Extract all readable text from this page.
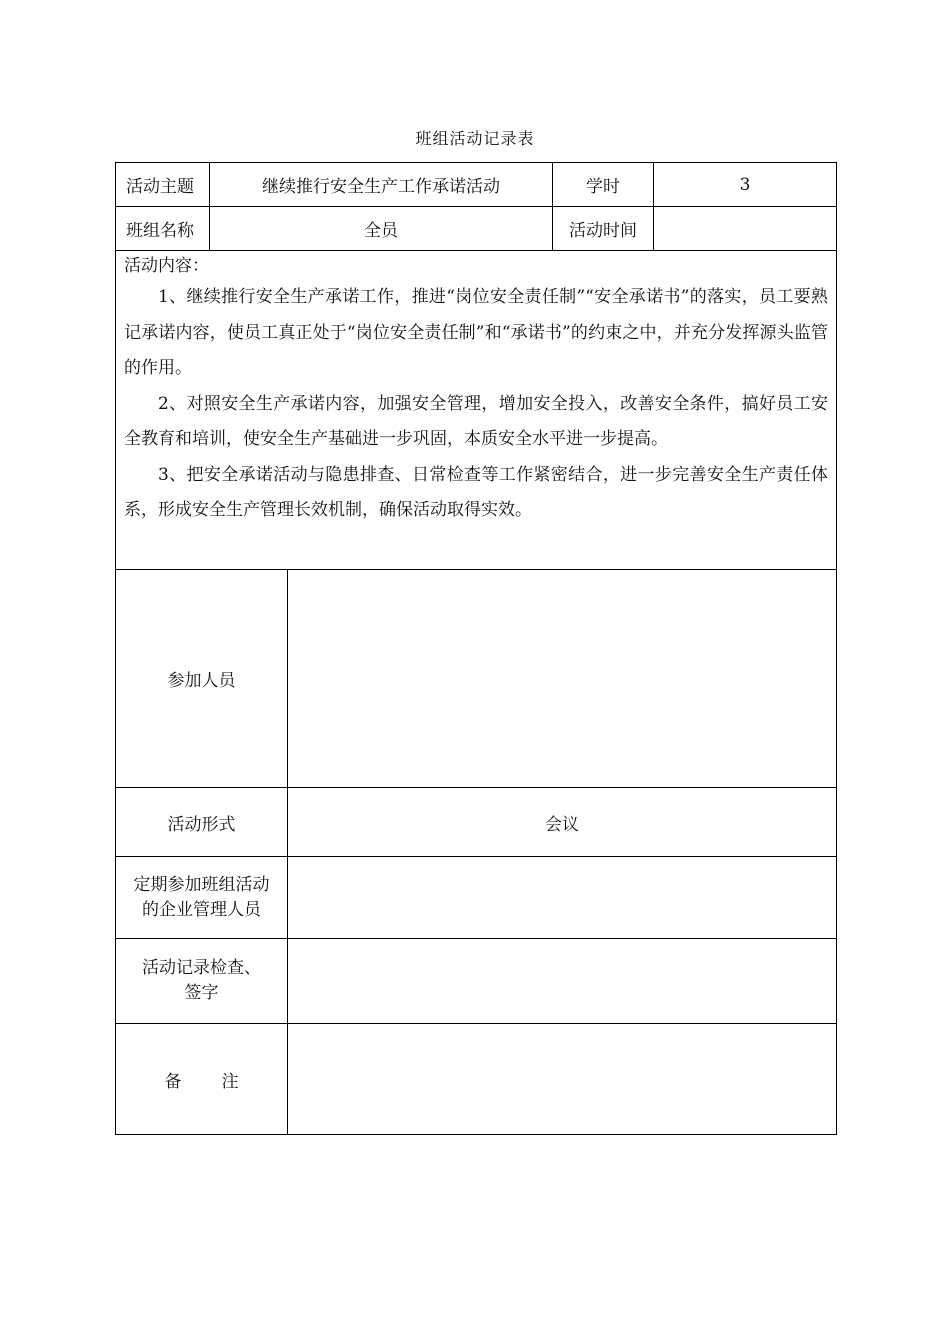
班组活动记录表
活动主题	继续推行安全生产工作承诺活动		学时	3
班组名称	全员		活动时间	

活动内容：
1、继续推行安全生产承诺工作，推进“岗位安全责任制”“安全承诺书”的落实，员工要熟记承诺内容，使员工真正处于“岗位安全责任制”和“承诺书”的约束之中，并充分发挥源头监管的作用。
2、对照安全生产承诺内容，加强安全管理，增加安全投入，改善安全条件，搞好员工安全教育和培训，使安全生产基础进一步巩固，本质安全水平进一步提高。
3、把安全承诺活动与隐患排查、日常检查等工作紧密结合，进一步完善安全生产责任体系，形成安全生产管理长效机制，确保活动取得实效。				

参加人员				
活动形式		会议		
定期参加班组活动
的企业管理人员				
活动记录检查、
签字				
备 注				
